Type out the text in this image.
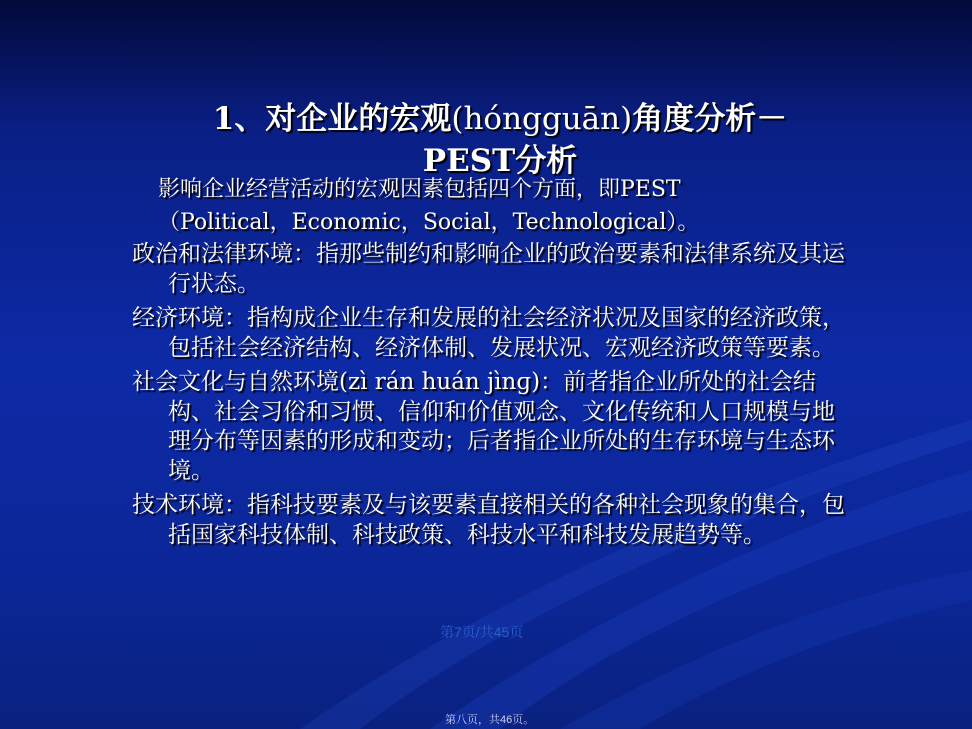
1、对企业的宏观(hóngguān)角度分析－
PEST分析
影响企业经营活动的宏观因素包括四个方面，即PEST
（Political，Economic，Social，Technological）。
政治和法律环境：指那些制约和影响企业的政治要素和法律系统及其运行状态。
经济环境：指构成企业生存和发展的社会经济状况及国家的经济政策，包括社会经济结构、经济体制、发展状况、宏观经济政策等要素。
社会文化与自然环境(zì rán huán jìnɡ)：前者指企业所处的社会结构、社会习俗和习惯、信仰和价值观念、文化传统和人口规模与地理分布等因素的形成和变动；后者指企业所处的生存环境与生态环境。
技术环境：指科技要素及与该要素直接相关的各种社会现象的集合，包括国家科技体制、科技政策、科技水平和科技发展趋势等。
第7页/共45页
第八页，共46页。
